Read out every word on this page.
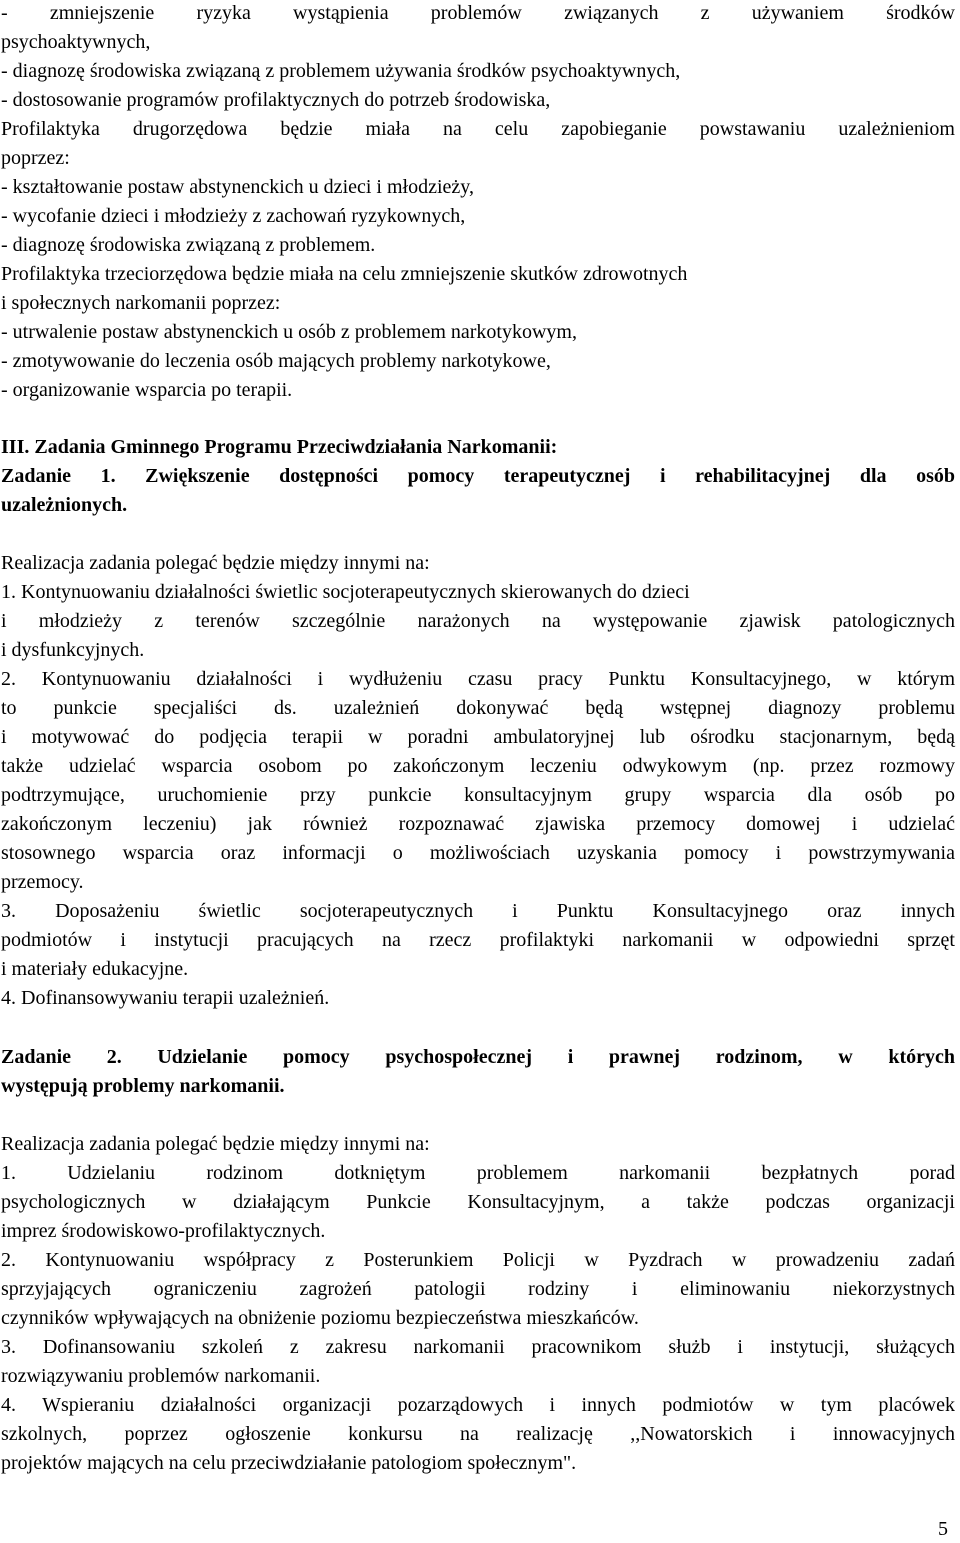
- zmniejszenie ryzyka wystąpienia problemów związanych z używaniem środków
psychoaktywnych,
- diagnozę środowiska związaną z problemem używania środków psychoaktywnych,
- dostosowanie programów profilaktycznych do potrzeb środowiska,
Profilaktyka drugorzędowa będzie miała na celu zapobieganie powstawaniu uzależnieniom
poprzez:
- kształtowanie postaw abstynenckich u dzieci i młodzieży,
- wycofanie dzieci i młodzieży z zachowań ryzykownych,
- diagnozę środowiska związaną z problemem.
Profilaktyka trzeciorzędowa będzie miała na celu zmniejszenie skutków zdrowotnych
i społecznych narkomanii poprzez:
- utrwalenie postaw abstynenckich u osób z problemem narkotykowym,
- zmotywowanie do leczenia osób mających problemy narkotykowe,
- organizowanie wsparcia po terapii.
III. Zadania Gminnego Programu Przeciwdziałania Narkomanii:
Zadanie 1. Zwiększenie dostępności pomocy terapeutycznej i rehabilitacyjnej dla osób
uzależnionych.
Realizacja zadania polegać będzie między innymi na:
1. Kontynuowaniu działalności świetlic socjoterapeutycznych skierowanych do dzieci
i młodzieży z terenów szczególnie narażonych na występowanie zjawisk patologicznych
i dysfunkcyjnych.
2. Kontynuowaniu działalności i wydłużeniu czasu pracy Punktu Konsultacyjnego, w którym
to punkcie specjaliści ds. uzależnień dokonywać będą wstępnej diagnozy problemu
i motywować do podjęcia terapii w poradni ambulatoryjnej lub ośrodku stacjonarnym, będą
także udzielać wsparcia osobom po zakończonym leczeniu odwykowym (np. przez rozmowy
podtrzymujące, uruchomienie przy punkcie konsultacyjnym grupy wsparcia dla osób po
zakończonym leczeniu) jak również rozpoznawać zjawiska przemocy domowej i udzielać
stosownego wsparcia oraz informacji o możliwościach uzyskania pomocy i powstrzymywania
przemocy.
3. Doposażeniu świetlic socjoterapeutycznych i Punktu Konsultacyjnego oraz innych
podmiotów i instytucji pracujących na rzecz profilaktyki narkomanii w odpowiedni sprzęt
i materiały edukacyjne.
4. Dofinansowywaniu terapii uzależnień.
Zadanie 2. Udzielanie pomocy psychospołecznej i prawnej rodzinom, w których
występują problemy narkomanii.
Realizacja zadania polegać będzie między innymi na:
1. Udzielaniu rodzinom dotkniętym problemem narkomanii bezpłatnych porad
psychologicznych w działającym Punkcie Konsultacyjnym, a także podczas organizacji
imprez środowiskowo-profilaktycznych.
2. Kontynuowaniu współpracy z Posterunkiem Policji w Pyzdrach w prowadzeniu zadań
sprzyjających ograniczeniu zagrożeń patologii rodziny i eliminowaniu niekorzystnych
czynników wpływających na obniżenie poziomu bezpieczeństwa mieszkańców.
3. Dofinansowaniu szkoleń z zakresu narkomanii pracownikom służb i instytucji, służących
rozwiązywaniu problemów narkomanii.
4. Wspieraniu działalności organizacji pozarządowych i innych podmiotów w tym placówek
szkolnych, poprzez ogłoszenie konkursu na realizację ,,Nowatorskich i innowacyjnych
projektów mających na celu przeciwdziałanie patologiom społecznym".
5
